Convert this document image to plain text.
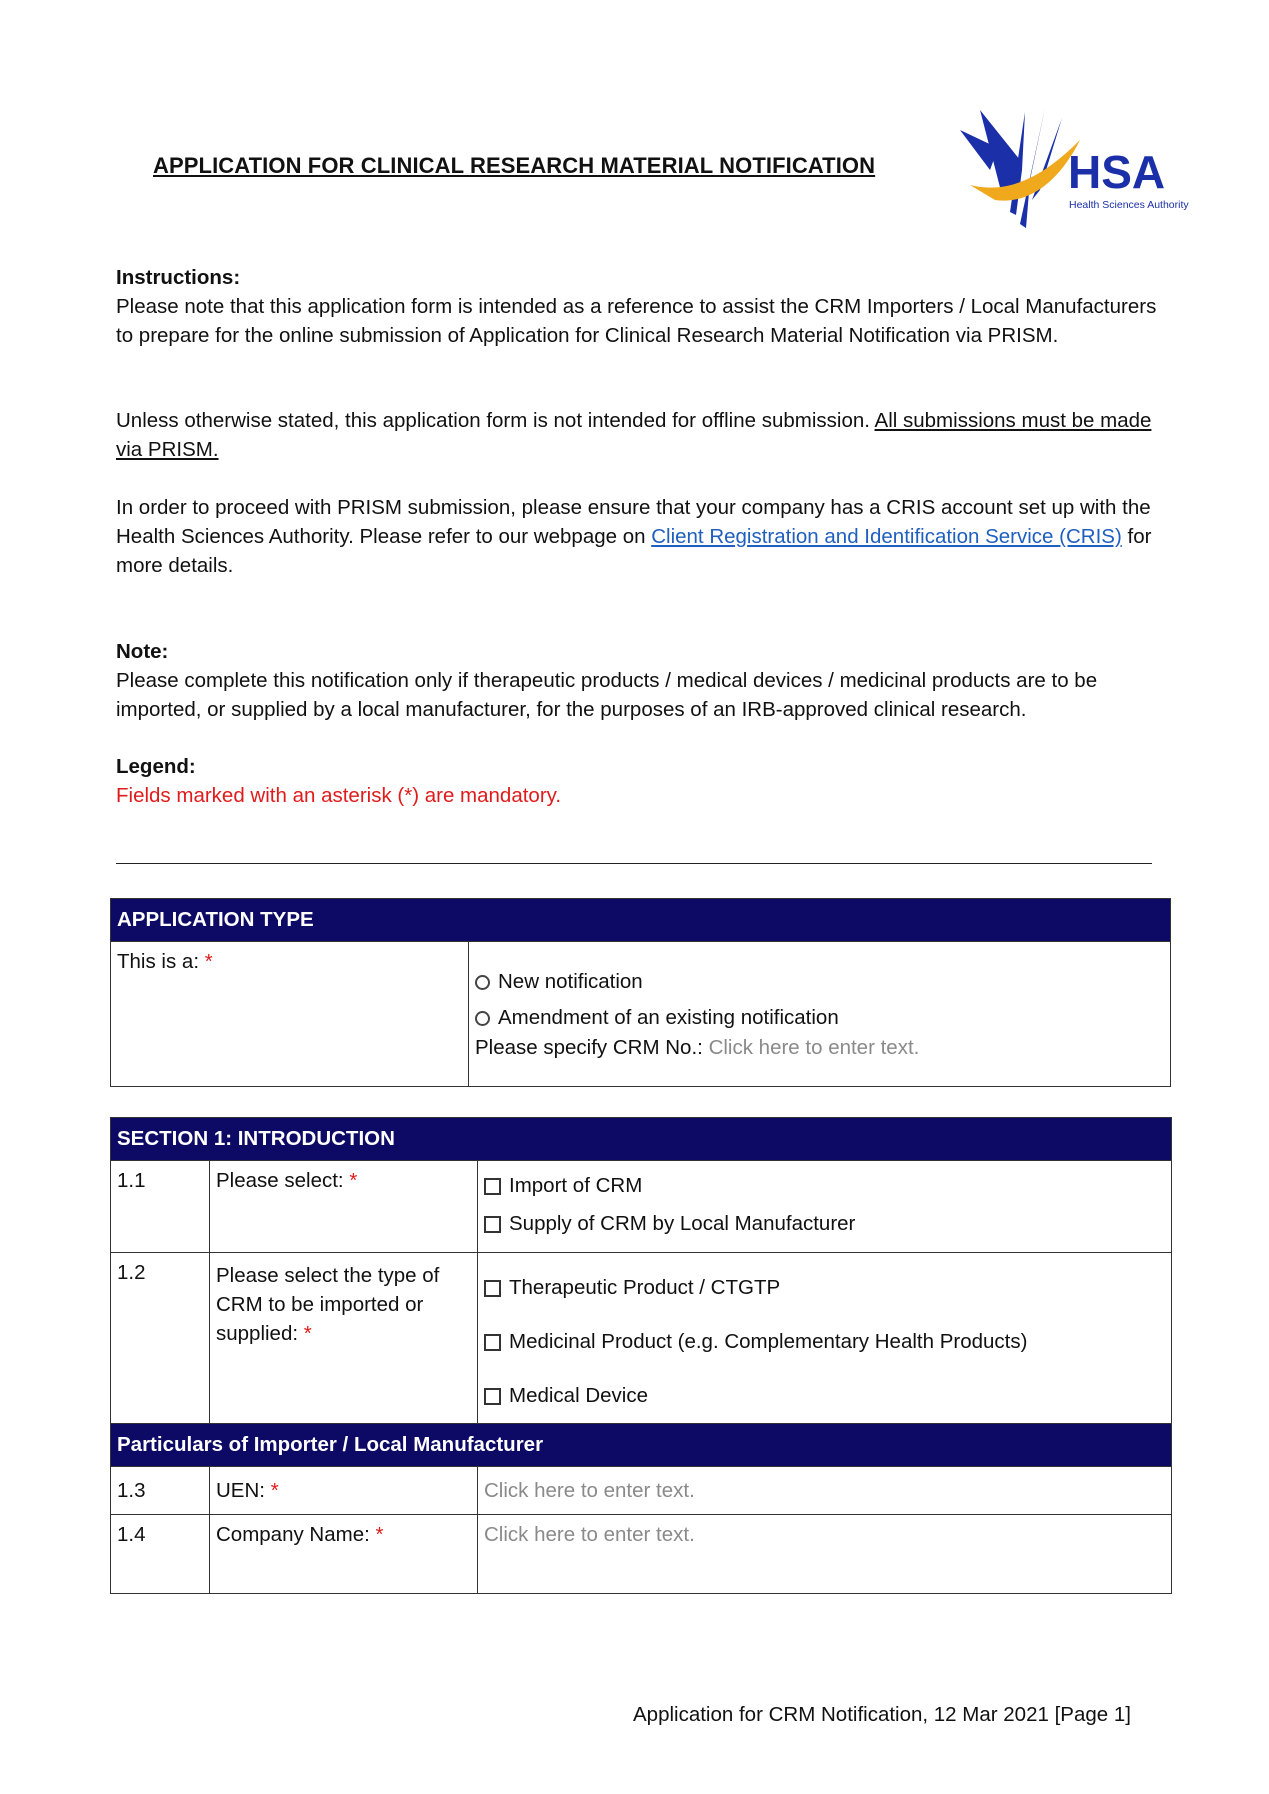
APPLICATION FOR CLINICAL RESEARCH MATERIAL NOTIFICATION	HSA
Health Sciences Authority
Instructions:
Please note that this application form is intended as a reference to assist the CRM Importers / Local Manufacturers to prepare for the online submission of Application for Clinical Research Material Notification via PRISM.
Unless otherwise stated, this application form is not intended for offline submission. All submissions must be made via PRISM.
In order to proceed with PRISM submission, please ensure that your company has a CRIS account set up with the Health Sciences Authority. Please refer to our webpage on Client Registration and Identification Service (CRIS) for more details.
Note:
Please complete this notification only if therapeutic products / medical devices / medicinal products are to be imported, or supplied by a local manufacturer, for the purposes of an IRB-approved clinical research.
Legend:
Fields marked with an asterisk (*) are mandatory.
APPLICATION TYPE
This is a: *	
New notification
Amendment of an existing notification
Please specify CRM No.: Click here to enter text.
SECTION 1: INTRODUCTION		
1.1	Please select: *	Import of CRM
Supply of CRM by Local Manufacturer

1.2	Please select the type of CRM to be imported or supplied: *	Therapeutic Product / CTGTP
Medicinal Product (e.g. Complementary Health Products)
Medical Device

Particulars of Importer / Local Manufacturer		
1.3	UEN: *	Click here to enter text.
1.4	Company Name: *	Click here to enter text.
Application for CRM Notification, 12 Mar 2021 [Page 1]
